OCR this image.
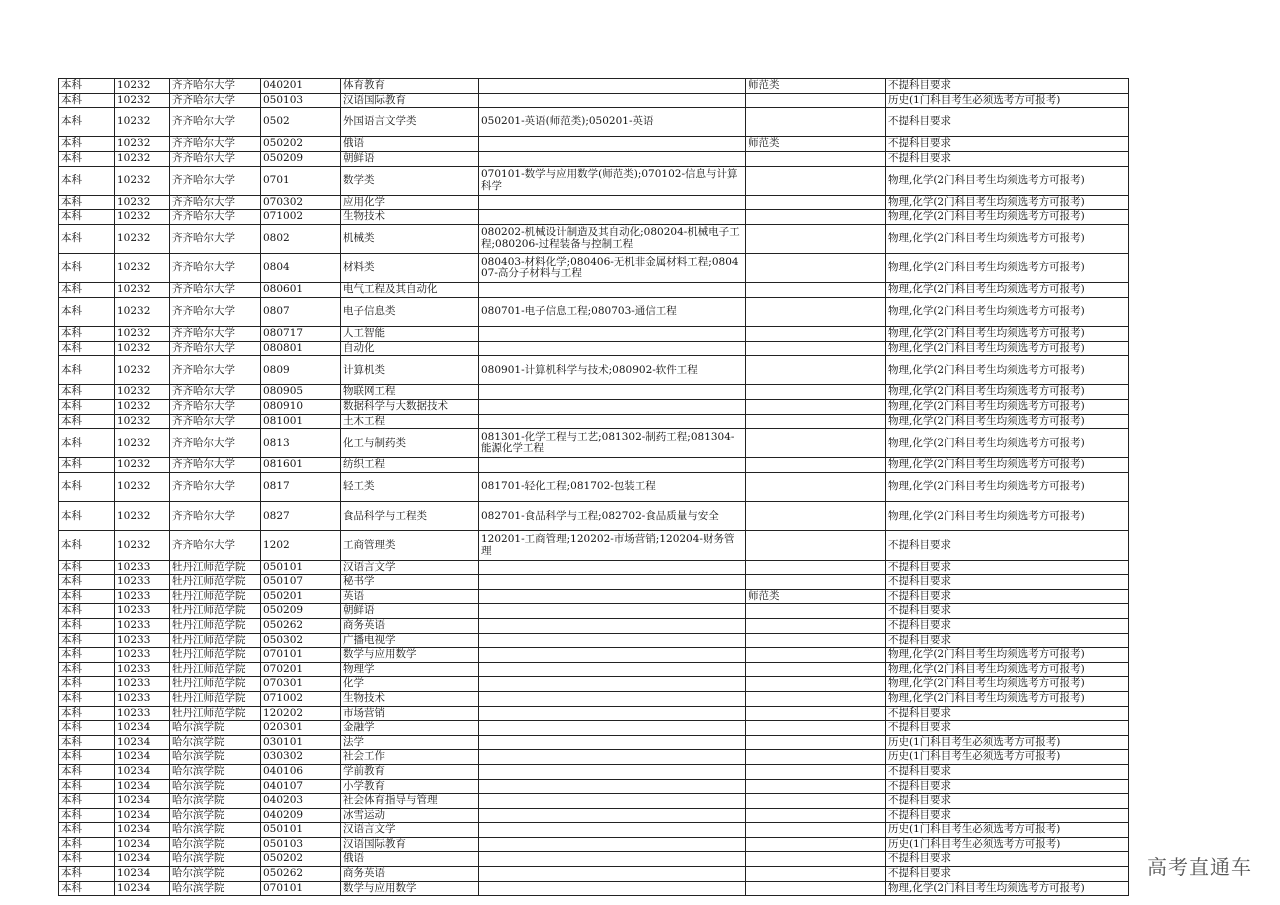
本科	10232	齐齐哈尔大学	040201	体育教育		师范类	不提科目要求
本科	10232	齐齐哈尔大学	050103	汉语国际教育			历史(1门科目考生必须选考方可报考)
本科	10232	齐齐哈尔大学	0502	外国语言文学类	050201-英语(师范类);050201-英语		不提科目要求
本科	10232	齐齐哈尔大学	050202	俄语		师范类	不提科目要求
本科	10232	齐齐哈尔大学	050209	朝鲜语			不提科目要求
本科	10232	齐齐哈尔大学	0701	数学类	070101-数学与应用数学(师范类);070102-信息与计算科学		物理,化学(2门科目考生均须选考方可报考)
本科	10232	齐齐哈尔大学	070302	应用化学			物理,化学(2门科目考生均须选考方可报考)
本科	10232	齐齐哈尔大学	071002	生物技术			物理,化学(2门科目考生均须选考方可报考)
本科	10232	齐齐哈尔大学	0802	机械类	080202-机械设计制造及其自动化;080204-机械电子工程;080206-过程装备与控制工程		物理,化学(2门科目考生均须选考方可报考)
本科	10232	齐齐哈尔大学	0804	材料类	080403-材料化学;080406-无机非金属材料工程;080407-高分子材料与工程		物理,化学(2门科目考生均须选考方可报考)
本科	10232	齐齐哈尔大学	080601	电气工程及其自动化			物理,化学(2门科目考生均须选考方可报考)
本科	10232	齐齐哈尔大学	0807	电子信息类	080701-电子信息工程;080703-通信工程		物理,化学(2门科目考生均须选考方可报考)
本科	10232	齐齐哈尔大学	080717	人工智能			物理,化学(2门科目考生均须选考方可报考)
本科	10232	齐齐哈尔大学	080801	自动化			物理,化学(2门科目考生均须选考方可报考)
本科	10232	齐齐哈尔大学	0809	计算机类	080901-计算机科学与技术;080902-软件工程		物理,化学(2门科目考生均须选考方可报考)
本科	10232	齐齐哈尔大学	080905	物联网工程			物理,化学(2门科目考生均须选考方可报考)
本科	10232	齐齐哈尔大学	080910	数据科学与大数据技术			物理,化学(2门科目考生均须选考方可报考)
本科	10232	齐齐哈尔大学	081001	土木工程			物理,化学(2门科目考生均须选考方可报考)
本科	10232	齐齐哈尔大学	0813	化工与制药类	081301-化学工程与工艺;081302-制药工程;081304-能源化学工程		物理,化学(2门科目考生均须选考方可报考)
本科	10232	齐齐哈尔大学	081601	纺织工程			物理,化学(2门科目考生均须选考方可报考)
本科	10232	齐齐哈尔大学	0817	轻工类	081701-轻化工程;081702-包装工程		物理,化学(2门科目考生均须选考方可报考)
本科	10232	齐齐哈尔大学	0827	食品科学与工程类	082701-食品科学与工程;082702-食品质量与安全		物理,化学(2门科目考生均须选考方可报考)
本科	10232	齐齐哈尔大学	1202	工商管理类	120201-工商管理;120202-市场营销;120204-财务管理		不提科目要求
本科	10233	牡丹江师范学院	050101	汉语言文学			不提科目要求
本科	10233	牡丹江师范学院	050107	秘书学			不提科目要求
本科	10233	牡丹江师范学院	050201	英语		师范类	不提科目要求
本科	10233	牡丹江师范学院	050209	朝鲜语			不提科目要求
本科	10233	牡丹江师范学院	050262	商务英语			不提科目要求
本科	10233	牡丹江师范学院	050302	广播电视学			不提科目要求
本科	10233	牡丹江师范学院	070101	数学与应用数学			物理,化学(2门科目考生均须选考方可报考)
本科	10233	牡丹江师范学院	070201	物理学			物理,化学(2门科目考生均须选考方可报考)
本科	10233	牡丹江师范学院	070301	化学			物理,化学(2门科目考生均须选考方可报考)
本科	10233	牡丹江师范学院	071002	生物技术			物理,化学(2门科目考生均须选考方可报考)
本科	10233	牡丹江师范学院	120202	市场营销			不提科目要求
本科	10234	哈尔滨学院	020301	金融学			不提科目要求
本科	10234	哈尔滨学院	030101	法学			历史(1门科目考生必须选考方可报考)
本科	10234	哈尔滨学院	030302	社会工作			历史(1门科目考生必须选考方可报考)
本科	10234	哈尔滨学院	040106	学前教育			不提科目要求
本科	10234	哈尔滨学院	040107	小学教育			不提科目要求
本科	10234	哈尔滨学院	040203	社会体育指导与管理			不提科目要求
本科	10234	哈尔滨学院	040209	冰雪运动			不提科目要求
本科	10234	哈尔滨学院	050101	汉语言文学			历史(1门科目考生必须选考方可报考)
本科	10234	哈尔滨学院	050103	汉语国际教育			历史(1门科目考生必须选考方可报考)
本科	10234	哈尔滨学院	050202	俄语			不提科目要求
本科	10234	哈尔滨学院	050262	商务英语			不提科目要求
本科	10234	哈尔滨学院	070101	数学与应用数学			物理,化学(2门科目考生均须选考方可报考)
高考直通车
